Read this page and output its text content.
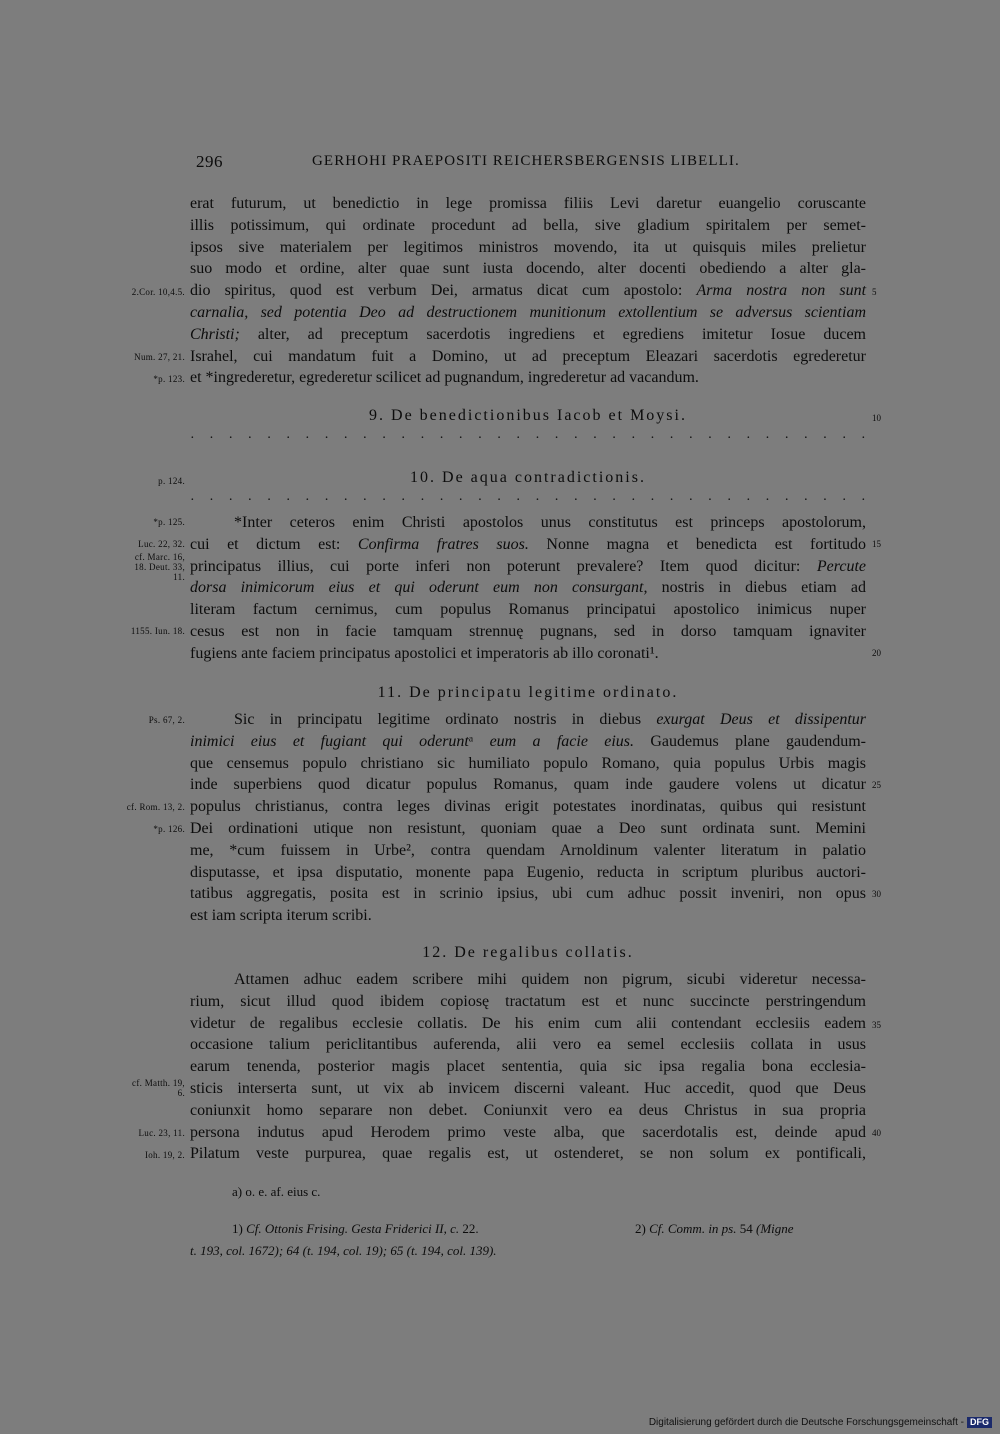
296	GERHOHI PRAEPOSITI REICHERSBERGENSIS LIBELLI.
erat futurum, ut benedictio in lege promissa filiis Levi daretur euangelio coruscante
illis potissimum, qui ordinate procedunt ad bella, sive gladium spiritalem per semet-
ipsos sive materialem per legitimos ministros movendo, ita ut quisquis miles prelietur
suo modo et ordine, alter quae sunt iusta docendo, alter docenti obediendo a alter gla-
dio spiritus, quod est verbum Dei, armatus dicat cum apostolo: Arma nostra non sunt
carnalia, sed potentia Deo ad destructionem munitionum extollentium se adversus scientiam
Christi; alter, ad preceptum sacerdotis ingrediens et egrediens imitetur Iosue ducem
Israhel, cui mandatum fuit a Domino, ut ad preceptum Eleazari sacerdotis egrederetur
et *ingrederetur, egrederetur scilicet ad pugnandum, ingrederetur ad vacandum.
2.Cor. 10,4.5.
Num. 27, 21.
*p. 123.
5
9. De benedictionibus Iacob et Moysi.	10
·
·
·
·
·
·
·
·
·
·
·
·
·
·
·
·
·
·
·
·
·
·
·
·
·
·
·
·
·
·
·
·
·
·
·
·
p. 124.	10. De aqua contradictionis.
·
·
·
·
·
·
·
·
·
·
·
·
·
·
·
·
·
·
·
·
·
·
·
·
·
·
·
·
·
·
·
·
·
·
·
·
*Inter ceteros enim Christi apostolos unus constitutus est princeps apostolorum,
cui et dictum est: Confirma fratres suos. Nonne magna et benedicta est fortitudo
principatus illius, cui porte inferi non poterunt prevalere? Item quod dicitur: Percute
dorsa inimicorum eius et qui oderunt eum non consurgant, nostris in diebus etiam ad
literam factum cernimus, cum populus Romanus principatui apostolico inimicus nuper
cesus est non in facie tamquam strennuę pugnans, sed in dorso tamquam ignaviter
fugiens ante faciem principatus apostolici et imperatoris ab illo coronati¹.
*p. 125.
Luc. 22, 32.
cf. Marc. 16, 18. Deut. 33, 11.
1155. Iun. 18.
15
20
11. De principatu legitime ordinato.
Sic in principatu legitime ordinato nostris in diebus exurgat Deus et dissipentur
inimici eius et fugiant qui oderuntᵃ eum a facie eius. Gaudemus plane gaudendum-
que censemus populo christiano sic humiliato populo Romano, quia populus Urbis magis
inde superbiens quod dicatur populus Romanus, quam inde gaudere volens ut dicatur
populus christianus, contra leges divinas erigit potestates inordinatas, quibus qui resistunt
Dei ordinationi utique non resistunt, quoniam quae a Deo sunt ordinata sunt. Memini
me, *cum fuissem in Urbe², contra quendam Arnoldinum valenter literatum in palatio
disputasse, et ipsa disputatio, monente papa Eugenio, reducta in scriptum pluribus auctori-
tatibus aggregatis, posita est in scrinio ipsius, ubi cum adhuc possit inveniri, non opus
est iam scripta iterum scribi.
Ps. 67, 2.
cf. Rom. 13, 2.
*p. 126.
25
30
12. De regalibus collatis.
Attamen adhuc eadem scribere mihi quidem non pigrum, sicubi videretur necessa-
rium, sicut illud quod ibidem copiosę tractatum est et nunc succincte perstringendum
videtur de regalibus ecclesie collatis. De his enim cum alii contendant ecclesiis eadem
occasione talium periclitantibus auferenda, alii vero ea semel ecclesiis collata in usus
earum tenenda, posterior magis placet sententia, quia sic ipsa regalia bona ecclesia-
sticis interserta sunt, ut vix ab invicem discerni valeant. Huc accedit, quod que Deus
coniunxit homo separare non debet. Coniunxit vero ea deus Christus in sua propria
persona indutus apud Herodem primo veste alba, que sacerdotalis est, deinde apud
Pilatum veste purpurea, quae regalis est, ut ostenderet, se non solum ex pontificali,
cf. Matth. 19, 6.
Luc. 23, 11.
Ioh. 19, 2.
35
40
a) o. e. af. eius c.
1) Cf. Ottonis Frising. Gesta Friderici II, c. 22.	2) Cf. Comm. in ps. 54 (Migne
t. 193, col. 1672); 64 (t. 194, col. 19); 65 (t. 194, col. 139).
Digitalisierung gefördert durch die Deutsche Forschungsgemeinschaft - DFG
